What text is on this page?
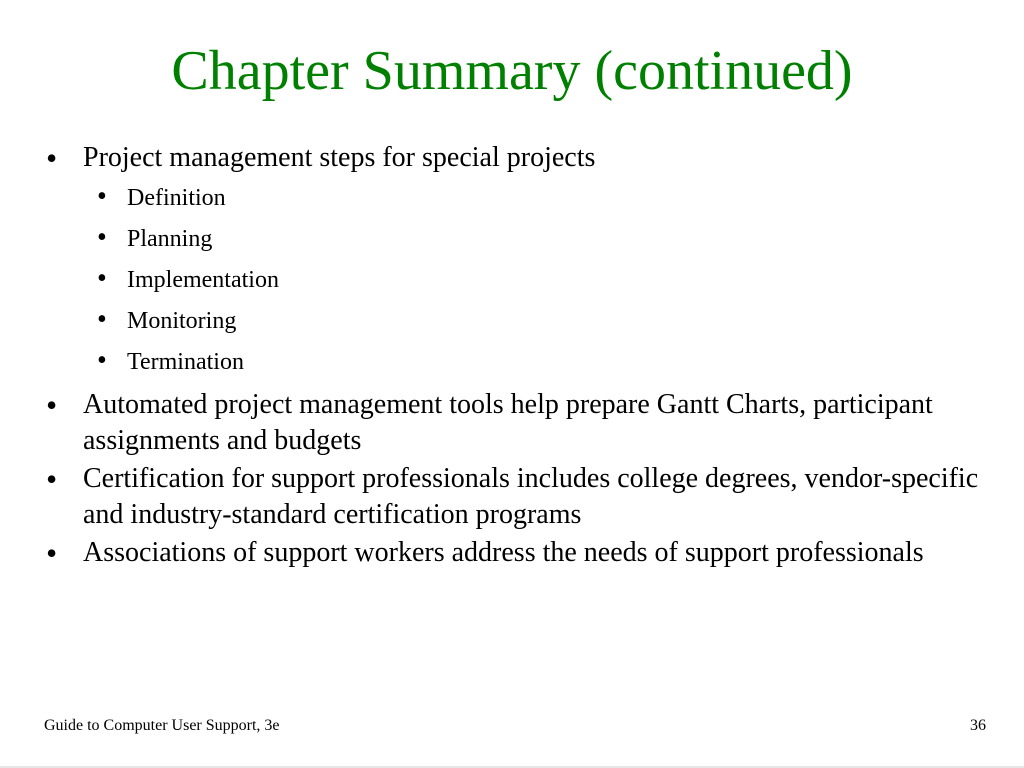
Chapter Summary (continued)
• Project management steps for special projects
• Definition
• Planning
• Implementation
• Monitoring
• Termination
• Automated project management tools help prepare Gantt Charts, participant assignments and budgets
• Certification for support professionals includes college degrees, vendor-specific and industry-standard certification programs
• Associations of support workers address the needs of support professionals
Guide to Computer User Support, 3e	36
